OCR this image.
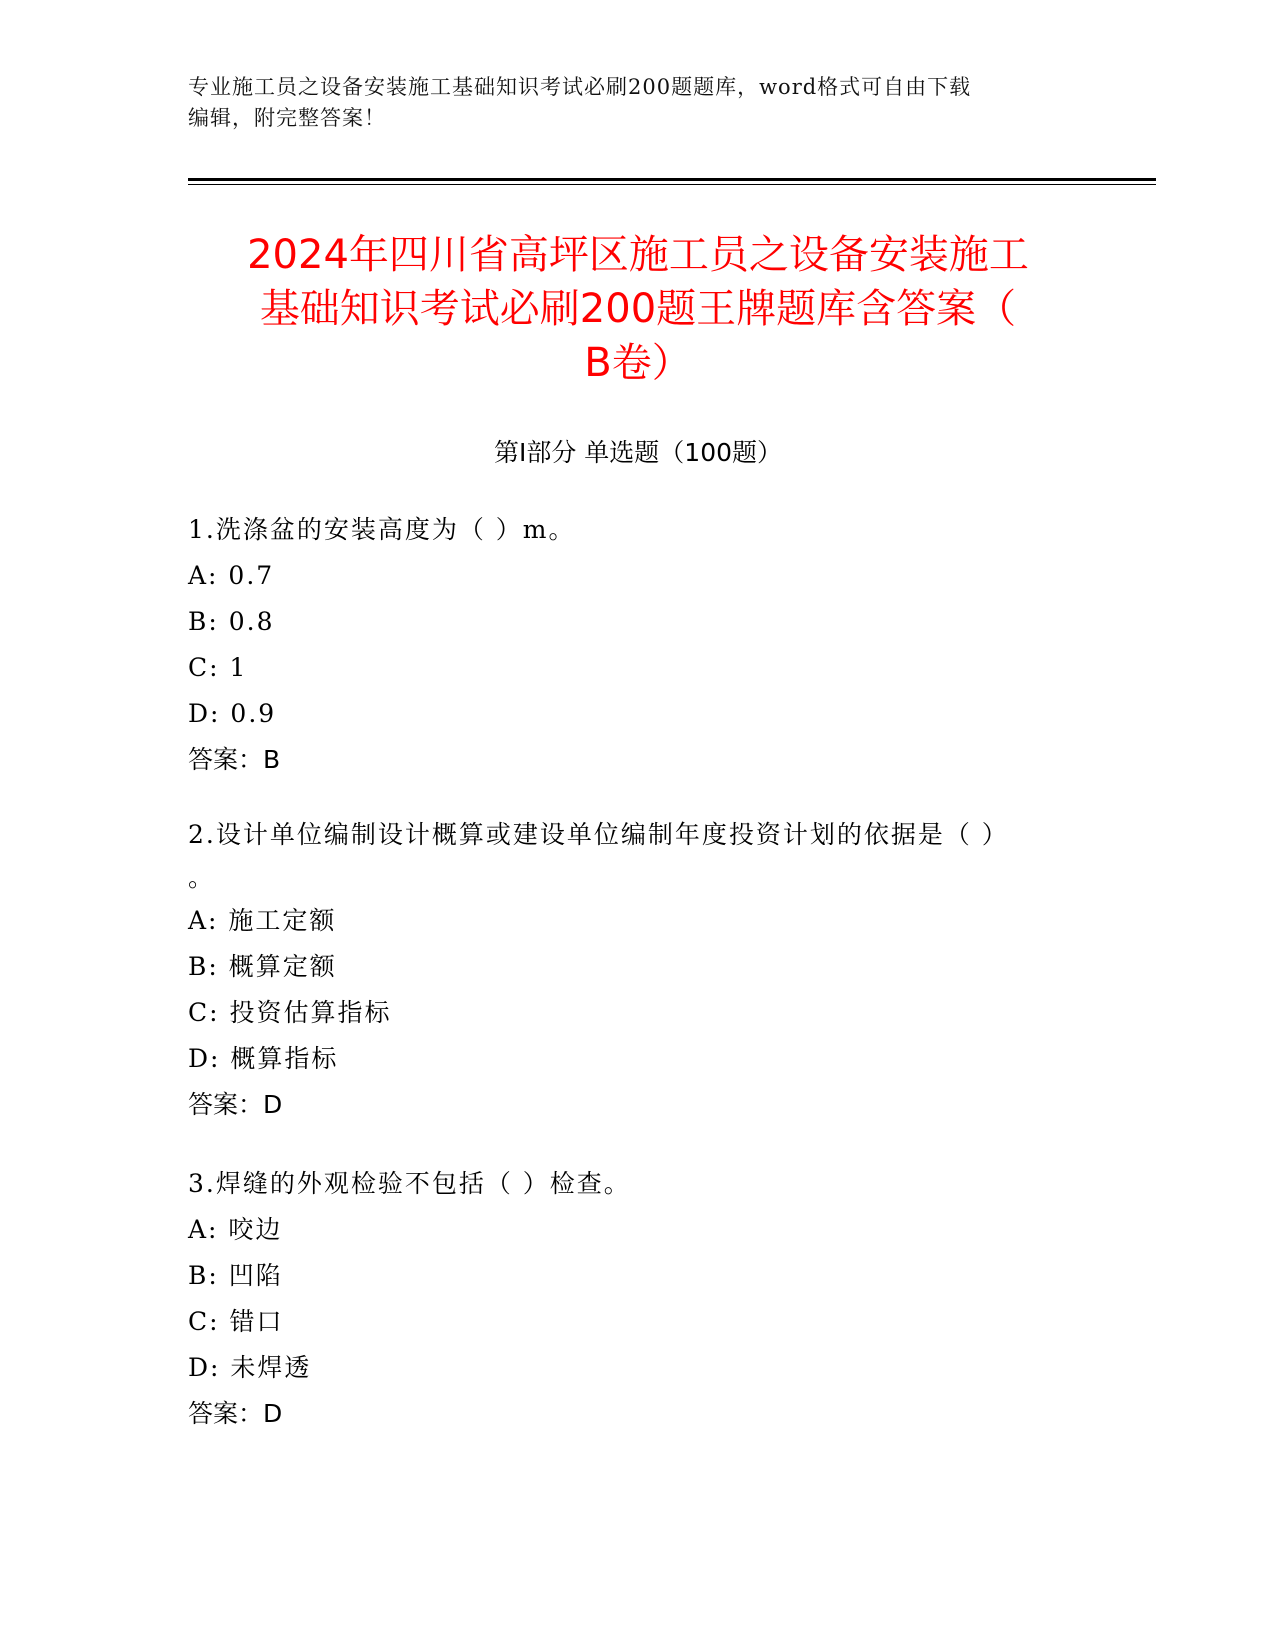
专业施工员之设备安装施工基础知识考试必刷200题题库，word格式可自由下载
编辑，附完整答案！
2024年四川省高坪区施工员之设备安装施工
基础知识考试必刷200题王牌题库含答案（
B卷）
第Ⅰ部分 单选题（100题）
1.洗涤盆的安装高度为（ ）m。
A: 0.7
B: 0.8
C: 1
D: 0.9
答案：B
2.设计单位编制设计概算或建设单位编制年度投资计划的依据是（ ）
。
A: 施工定额
B: 概算定额
C: 投资估算指标
D: 概算指标
答案：D
3.焊缝的外观检验不包括（ ）检查。
A: 咬边
B: 凹陷
C: 错口
D: 未焊透
答案：D
